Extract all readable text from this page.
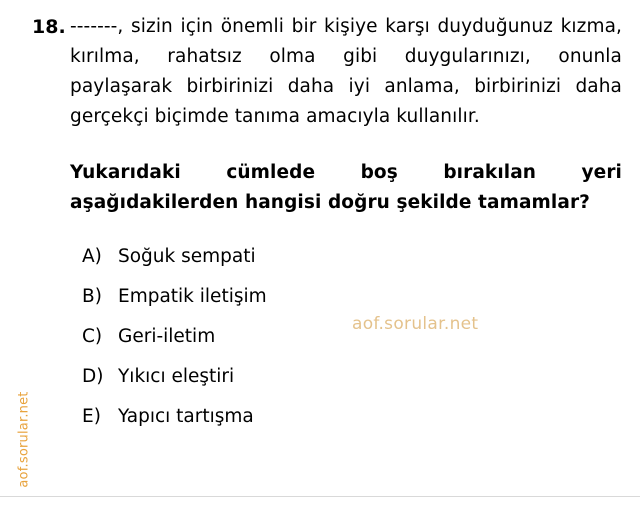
aof.sorular.net
18. -------, sizin için önemli bir kişiye karşı duyduğunuz kızma, kırılma, rahatsız olma gibi duygularınızı, onunla paylaşarak birbirinizi daha iyi anlama, birbirinizi daha gerçekçi biçimde tanıma amacıyla kullanılır.

Yukarıdaki cümlede boş bırakılan yeri aşağıdakilerden hangisi doğru şekilde tamamlar?

A) Soğuk sempati
B) Empatik iletişim
C) Geri-iletim
D) Yıkıcı eleştiri
E) Yapıcı tartışma
aof.sorular.net
